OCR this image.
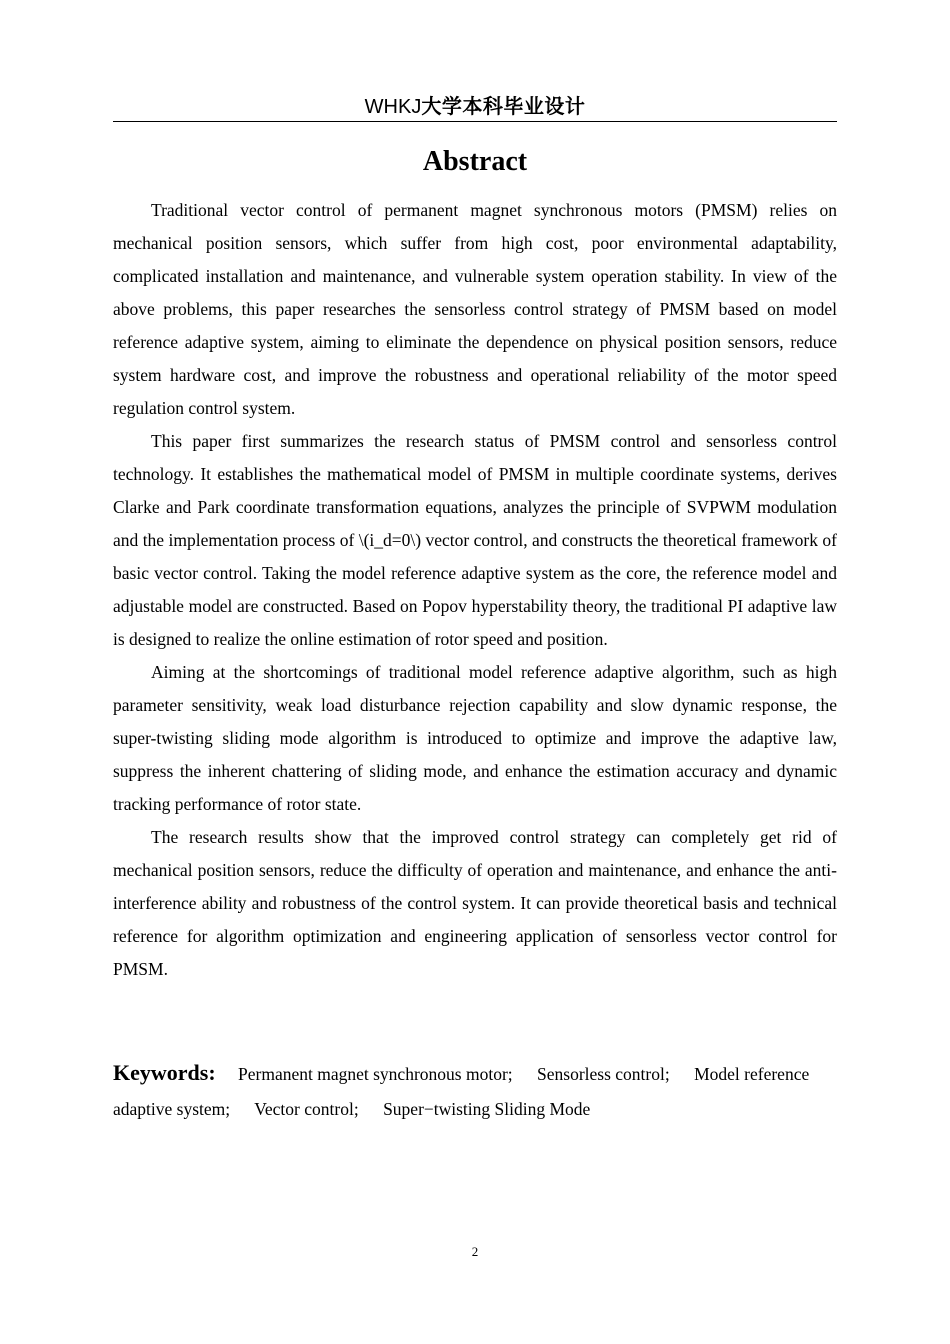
WHKJ大学本科毕业设计
Abstract

Traditional vector control of permanent magnet synchronous motors (PMSM) relies on mechanical position sensors, which suffer from high cost, poor environmental adaptability, complicated installation and maintenance, and vulnerable system operation stability. In view of the above problems, this paper researches the sensorless control strategy of PMSM based on model reference adaptive system, aiming to eliminate the dependence on physical position sensors, reduce system hardware cost, and improve the robustness and operational reliability of the motor speed regulation control system.

This paper first summarizes the research status of PMSM control and sensorless control technology. It establishes the mathematical model of PMSM in multiple coordinate systems, derives Clarke and Park coordinate transformation equations, analyzes the principle of SVPWM modulation and the implementation process of \(i_d=0\) vector control, and constructs the theoretical framework of basic vector control. Taking the model reference adaptive system as the core, the reference model and adjustable model are constructed. Based on Popov hyperstability theory, the traditional PI adaptive law is designed to realize the online estimation of rotor speed and position.

Aiming at the shortcomings of traditional model reference adaptive algorithm, such as high parameter sensitivity, weak load disturbance rejection capability and slow dynamic response, the super-twisting sliding mode algorithm is introduced to optimize and improve the adaptive law, suppress the inherent chattering of sliding mode, and enhance the estimation accuracy and dynamic tracking performance of rotor state.

The research results show that the improved control strategy can completely get rid of mechanical position sensors, reduce the difficulty of operation and maintenance, and enhance the anti-interference ability and robustness of the control system. It can provide theoretical basis and technical reference for algorithm optimization and engineering application of sensorless vector control for PMSM.

Keywords: Permanent magnet synchronous motor; Sensorless control; Model reference adaptive system; Vector control; Super−twisting Sliding Mode
2
